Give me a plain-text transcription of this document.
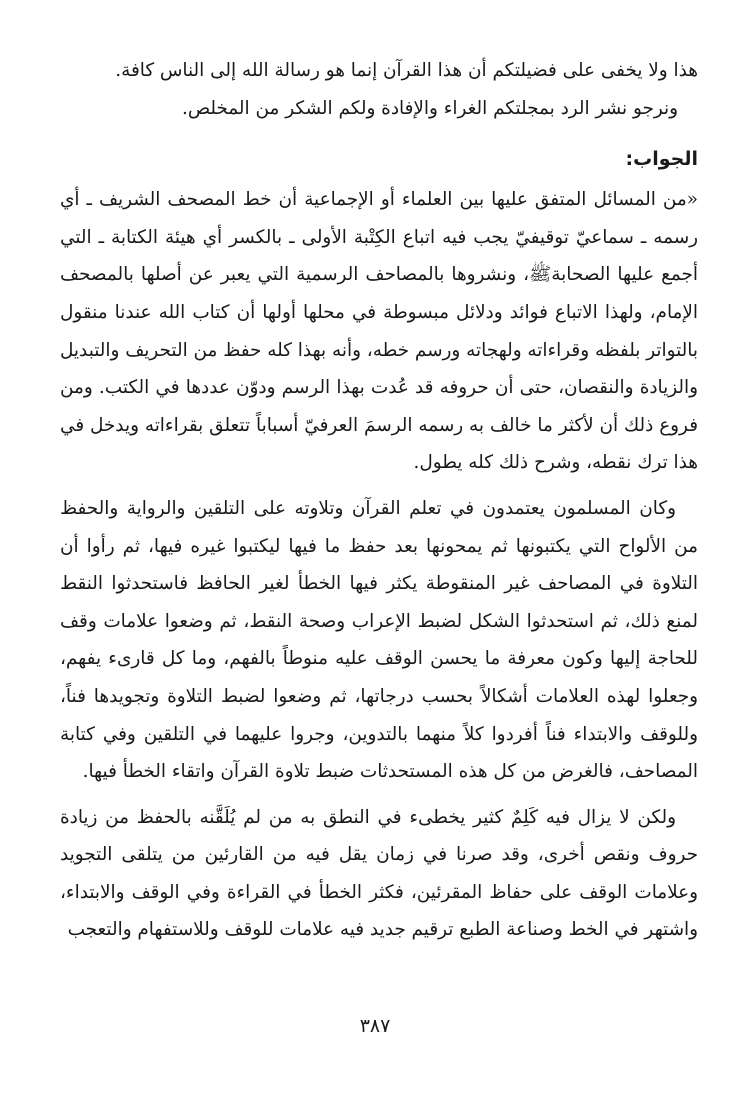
هذا ولا يخفى على فضيلتكم أن هذا القرآن إنما هو رسالة الله إلى الناس كافة.

ونرجو نشر الرد بمجلتكم الغراء والإفادة ولكم الشكر من المخلص.

الجواب:

«من المسائل المتفق عليها بين العلماء أو الإجماعية أن خط المصحف الشريف ـ أي رسمه ـ سماعيّ توقيفيّ يجب فيه اتباع الكِتْبة الأولى ـ بالكسر أي هيئة الكتابة ـ التي أجمع عليها الصحابةﷺ، ونشروها بالمصاحف الرسمية التي يعبر عن أصلها بالمصحف الإمام، ولهذا الاتباع فوائد ودلائل مبسوطة في محلها أولها أن كتاب الله عندنا منقول بالتواتر بلفظه وقراءاته ولهجاته ورسم خطه، وأنه بهذا كله حفظ من التحريف والتبديل والزيادة والنقصان، حتى أن حروفه قد عُدت بهذا الرسم ودوّن عددها في الكتب. ومن فروع ذلك أن لأكثر ما خالف به رسمه الرسمَ العرفيّ أسباباً تتعلق بقراءاته ويدخل في هذا ترك نقطه، وشرح ذلك كله يطول.

وكان المسلمون يعتمدون في تعلم القرآن وتلاوته على التلقين والرواية والحفظ من الألواح التي يكتبونها ثم يمحونها بعد حفظ ما فيها ليكتبوا غيره فيها، ثم رأوا أن التلاوة في المصاحف غير المنقوطة يكثر فيها الخطأ لغير الحافظ فاستحدثوا النقط لمنع ذلك، ثم استحدثوا الشكل لضبط الإعراب وصحة النقط، ثم وضعوا علامات وقف للحاجة إليها وكون معرفة ما يحسن الوقف عليه منوطاً بالفهم، وما كل قارىء يفهم، وجعلوا لهذه العلامات أشكالاً بحسب درجاتها، ثم وضعوا لضبط التلاوة وتجويدها فناً، وللوقف والابتداء فناً أفردوا كلاً منهما بالتدوين، وجروا عليهما في التلقين وفي كتابة المصاحف، فالغرض من كل هذه المستحدثات ضبط تلاوة القرآن واتقاء الخطأ فيها.

ولكن لا يزال فيه كَلِمٌ كثير يخطىء في النطق به من لم يُلَقَّنه بالحفظ من زيادة حروف ونقص أخرى، وقد صرنا في زمان يقل فيه من القارئين من يتلقى التجويد وعلامات الوقف على حفاظ المقرئين، فكثر الخطأ في القراءة وفي الوقف والابتداء، واشتهر في الخط وصناعة الطبع ترقيم جديد فيه علامات للوقف وللاستفهام والتعجب

٣٨٧
